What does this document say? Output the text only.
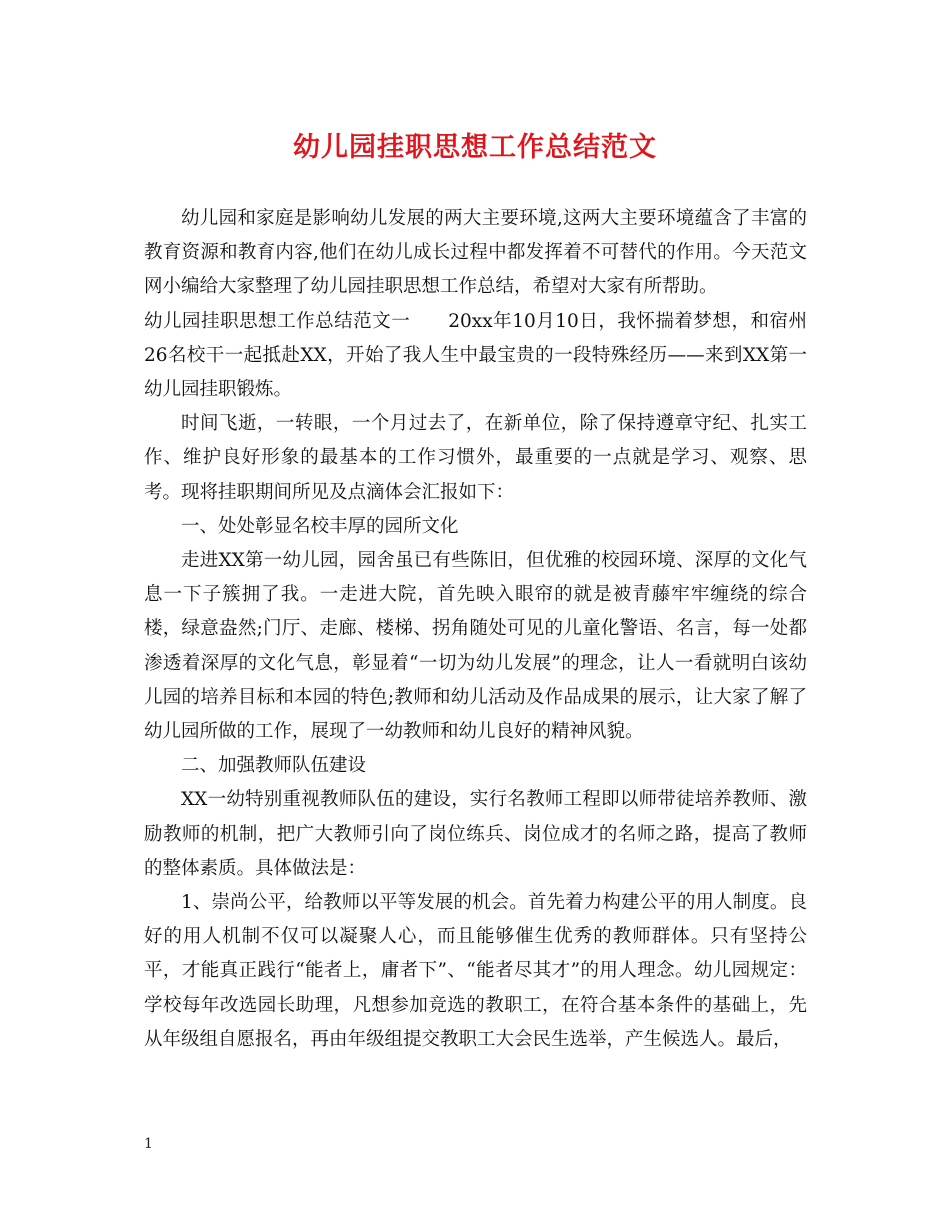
幼儿园挂职思想工作总结范文

幼儿园和家庭是影响幼儿发展的两大主要环境,这两大主要环境蕴含了丰富的教育资源和教育内容,他们在幼儿成长过程中都发挥着不可替代的作用。今天范文网小编给大家整理了幼儿园挂职思想工作总结，希望对大家有所帮助。

幼儿园挂职思想工作总结范文一　　20xx年10月10日，我怀揣着梦想，和宿州26名校干一起抵赴XX，开始了我人生中最宝贵的一段特殊经历——来到XX第一幼儿园挂职锻炼。

时间飞逝，一转眼，一个月过去了，在新单位，除了保持遵章守纪、扎实工作、维护良好形象的最基本的工作习惯外，最重要的一点就是学习、观察、思考。现将挂职期间所见及点滴体会汇报如下：

一、处处彰显名校丰厚的园所文化

走进XX第一幼儿园，园舍虽已有些陈旧，但优雅的校园环境、深厚的文化气息一下子簇拥了我。一走进大院，首先映入眼帘的就是被青藤牢牢缠绕的综合楼，绿意盎然;门厅、走廊、楼梯、拐角随处可见的儿童化警语、名言，每一处都渗透着深厚的文化气息，彰显着“一切为幼儿发展”的理念，让人一看就明白该幼儿园的培养目标和本园的特色;教师和幼儿活动及作品成果的展示，让大家了解了幼儿园所做的工作，展现了一幼教师和幼儿良好的精神风貌。

二、加强教师队伍建设

XX一幼特别重视教师队伍的建设，实行名教师工程即以师带徒培养教师、激励教师的机制，把广大教师引向了岗位练兵、岗位成才的名师之路，提高了教师的整体素质。具体做法是：

1、崇尚公平，给教师以平等发展的机会。首先着力构建公平的用人制度。良好的用人机制不仅可以凝聚人心，而且能够催生优秀的教师群体。只有坚持公平，才能真正践行“能者上，庸者下”、“能者尽其才”的用人理念。幼儿园规定：学校每年改选园长助理，凡想参加竞选的教职工，在符合基本条件的基础上，先从年级组自愿报名，再由年级组提交教职工大会民生选举，产生候选人。最后，

1
